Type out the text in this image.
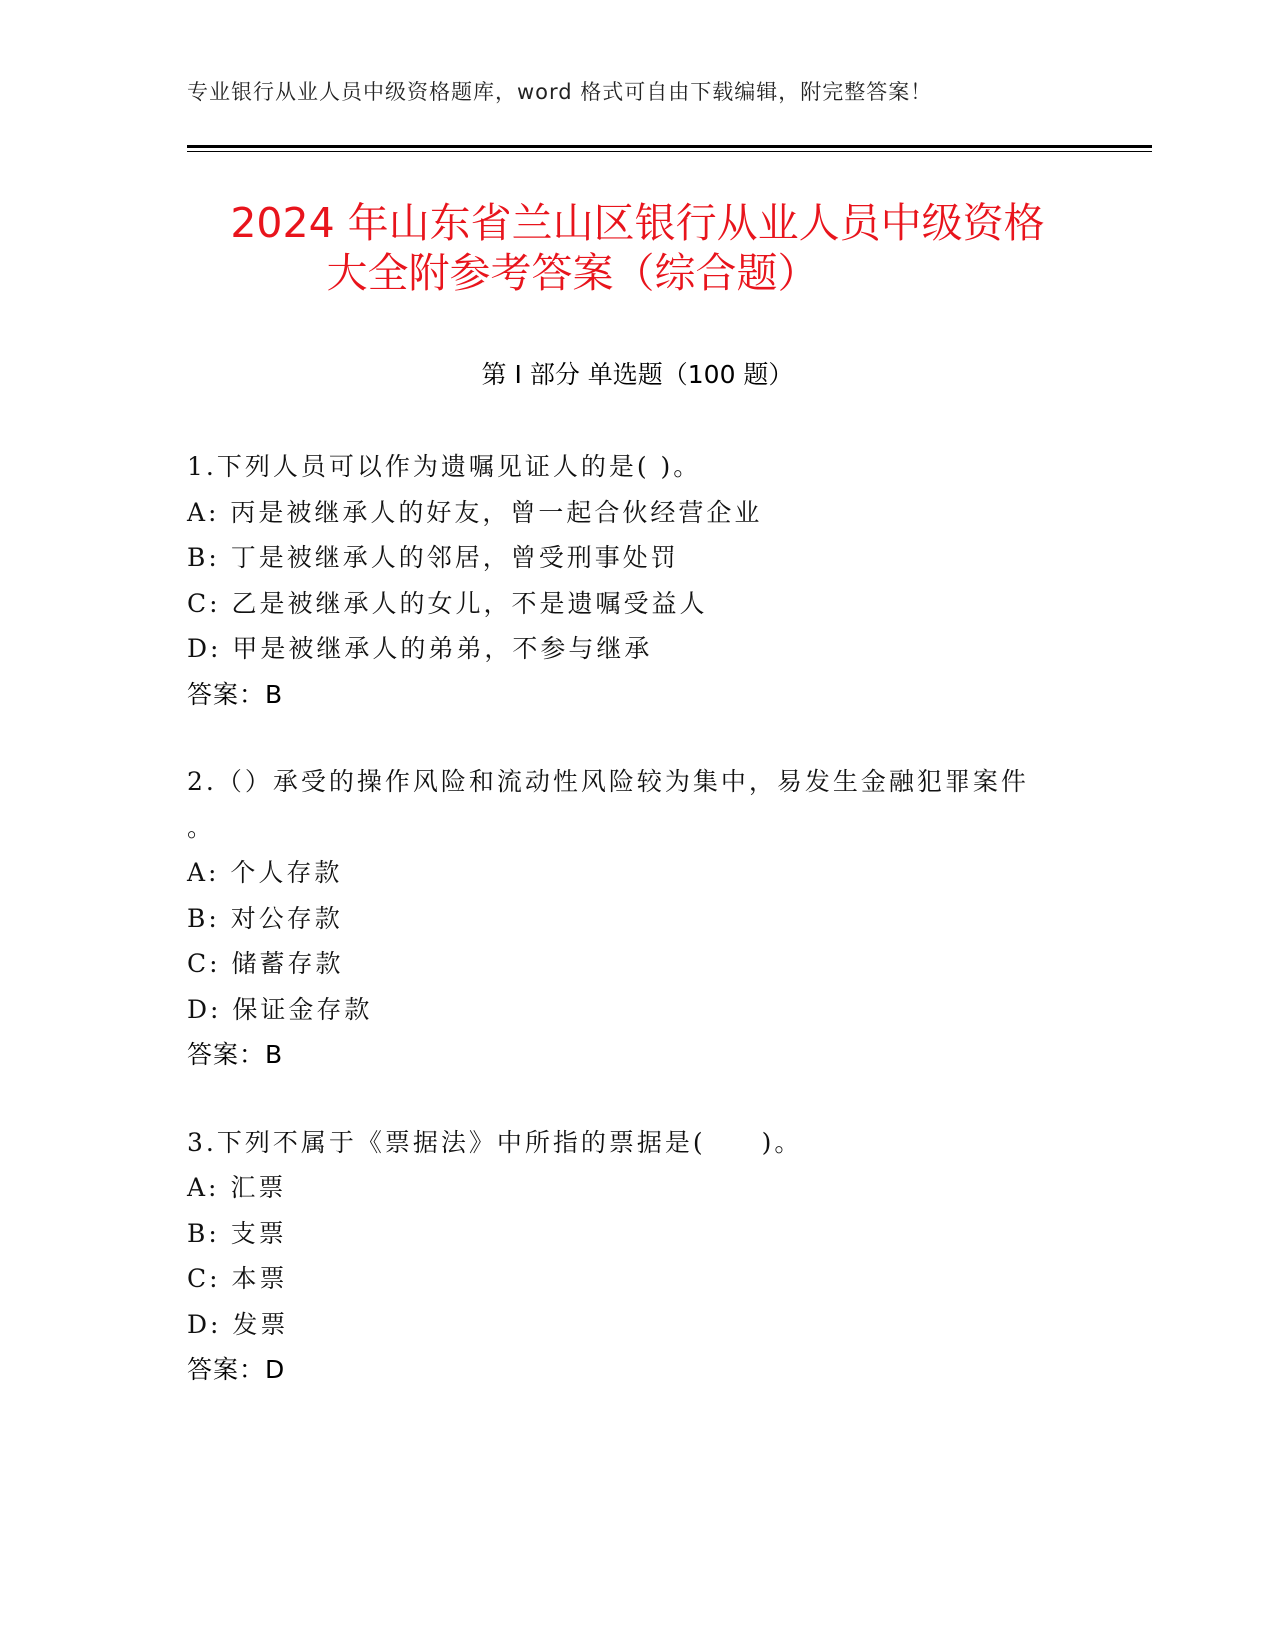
专业银行从业人员中级资格题库，word 格式可自由下载编辑，附完整答案！
2024 年山东省兰山区银行从业人员中级资格
大全附参考答案（综合题）
第 I 部分 单选题（100 题）
1.下列人员可以作为遗嘱见证人的是( )。
A: 丙是被继承人的好友，曾一起合伙经营企业
B: 丁是被继承人的邻居，曾受刑事处罚
C: 乙是被继承人的女儿，不是遗嘱受益人
D: 甲是被继承人的弟弟，不参与继承
答案：B
2.（）承受的操作风险和流动性风险较为集中，易发生金融犯罪案件
。
A: 个人存款
B: 对公存款
C: 储蓄存款
D: 保证金存款
答案：B
3.下列不属于《票据法》中所指的票据是(　　)。
A: 汇票
B: 支票
C: 本票
D: 发票
答案：D
